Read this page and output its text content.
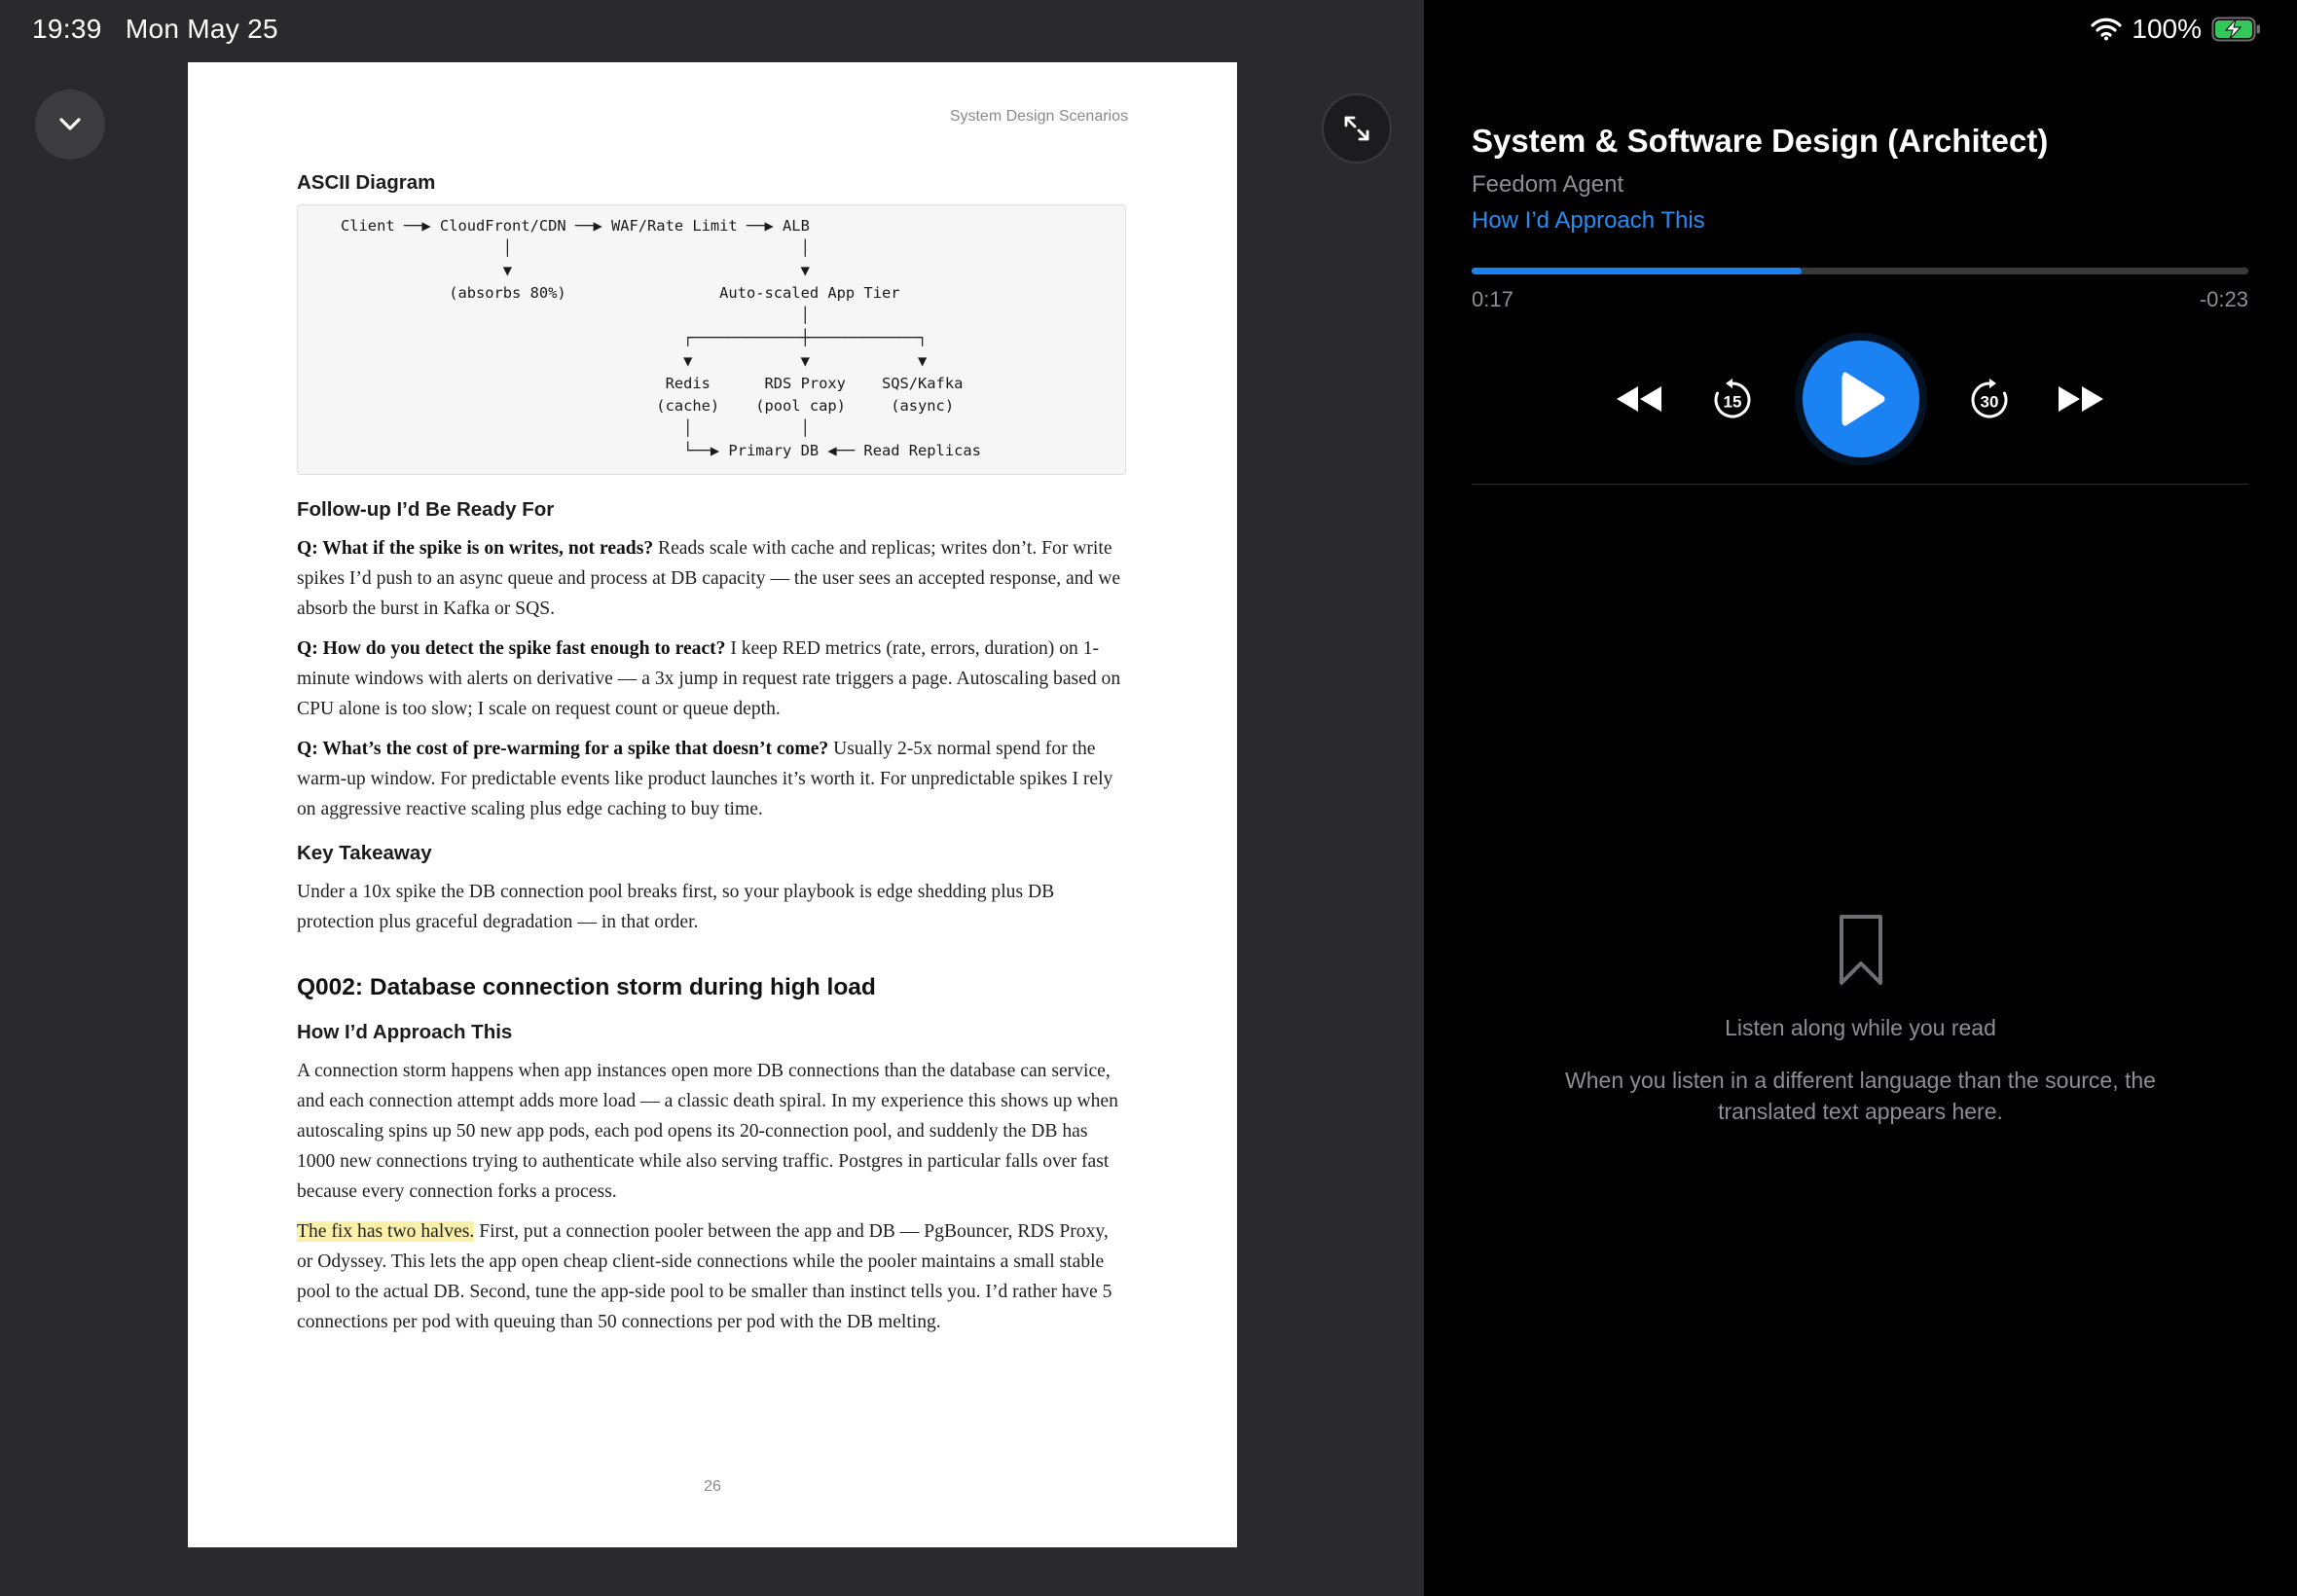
19:39 Mon May 25
System Design Scenarios
ASCII Diagram
Client ──▶ CloudFront/CDN ──▶ WAF/Rate Limit ──▶ ALB
│                                │
▼                                ▼
(absorbs 80%)                 Auto-scaled App Tier
│
┌────────────┼────────────┐
▼            ▼            ▼
Redis      RDS Proxy    SQS/Kafka
(cache)    (pool cap)     (async)
│            │
└──▶ Primary DB ◀── Read Replicas
Follow-up I’d Be Ready For
Q: What if the spike is on writes, not reads? Reads scale with cache and replicas; writes don’t. For write spikes I’d push to an async queue and process at DB capacity — the user sees an accepted response, and we absorb the burst in Kafka or SQS.
Q: How do you detect the spike fast enough to react? I keep RED metrics (rate, errors, duration) on 1-minute windows with alerts on derivative — a 3x jump in request rate triggers a page. Autoscaling based on CPU alone is too slow; I scale on request count or queue depth.
Q: What’s the cost of pre-warming for a spike that doesn’t come? Usually 2-5x normal spend for the warm-up window. For predictable events like product launches it’s worth it. For unpredictable spikes I rely on aggressive reactive scaling plus edge caching to buy time.
Key Takeaway
Under a 10x spike the DB connection pool breaks first, so your playbook is edge shedding plus DB protection plus graceful degradation — in that order.
Q002: Database connection storm during high load
How I’d Approach This
A connection storm happens when app instances open more DB connections than the database can service, and each connection attempt adds more load — a classic death spiral. In my experience this shows up when autoscaling spins up 50 new app pods, each pod opens its 20-connection pool, and suddenly the DB has 1000 new connections trying to authenticate while also serving traffic. Postgres in particular falls over fast because every connection forks a process.
The fix has two halves. First, put a connection pooler between the app and DB — PgBouncer, RDS Proxy, or Odyssey. This lets the app open cheap client-side connections while the pooler maintains a small stable pool to the actual DB. Second, tune the app-side pool to be smaller than instinct tells you. I’d rather have 5 connections per pod with queuing than 50 connections per pod with the DB melting.
26
100%
System & Software Design (Architect)
Feedom Agent
How I’d Approach This
0:17	-0:23
15	30
Listen along while you read
When you listen in a different language than the source, the translated text appears here.
